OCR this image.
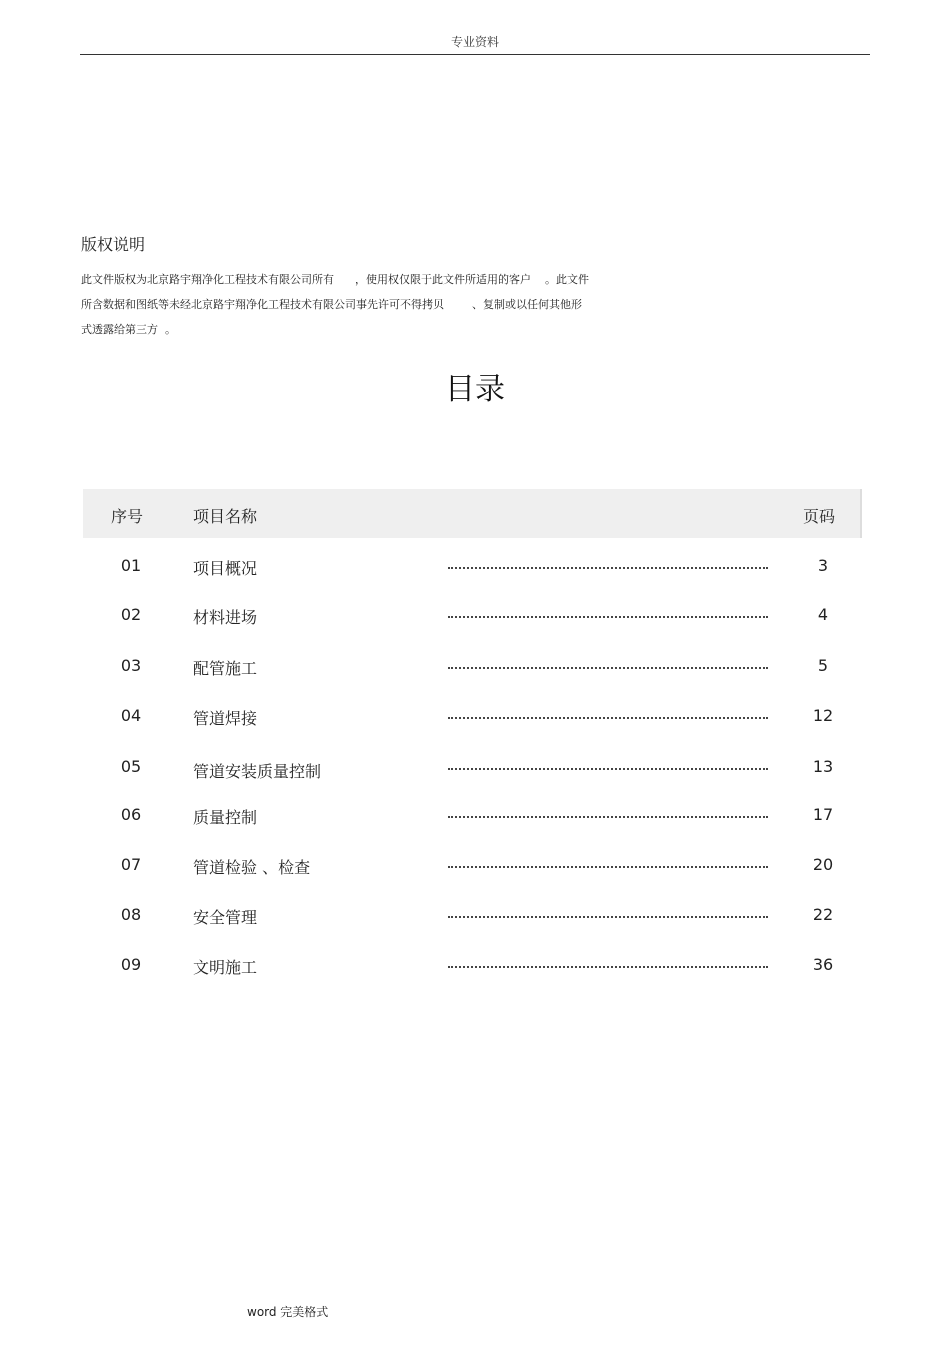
专业资料
版权说明
此文件版权为北京路宇翔净化工程技术有限公司所有      ，使用权仅限于此文件所适用的客户    。此文件
所含数据和图纸等未经北京路宇翔净化工程技术有限公司事先许可不得拷贝        、复制或以任何其他形
式透露给第三方  。
目录
序号	项目名称	页码
01	项目概况	3
02	材料进场	4
03	配管施工	5
04	管道焊接	12
05	管道安装质量控制	13
06	质量控制	17
07	管道检验 、检查	20
08	安全管理	22
09	文明施工	36
word 完美格式
